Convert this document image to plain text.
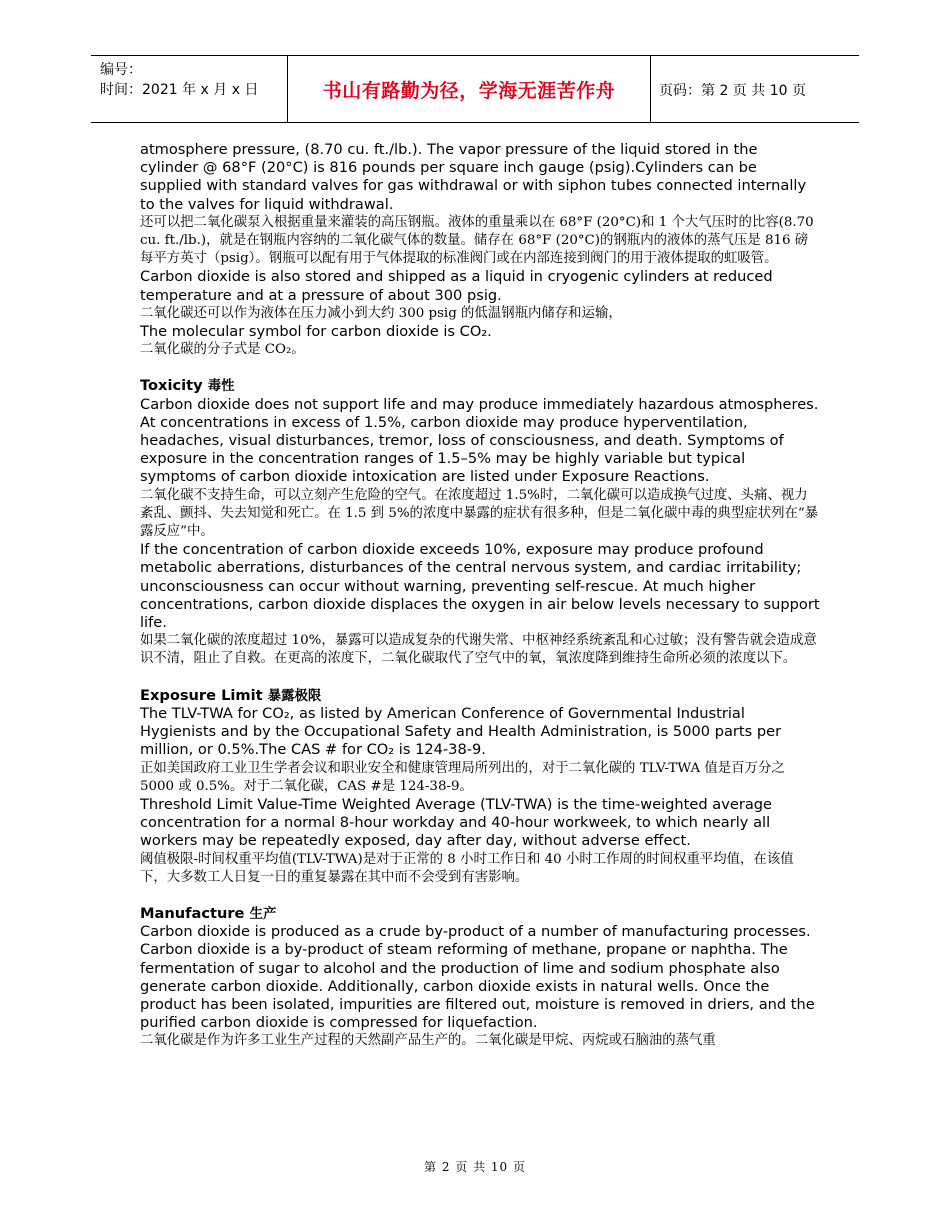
编号：
时间：2021 年 x 月 x 日	书山有路勤为径，学海无涯苦作舟	页码：第 2 页 共 10 页

atmosphere pressure, (8.70 cu. ft./lb.). The vapor pressure of the liquid stored in the cylinder @ 68°F (20°C) is 816 pounds per square inch gauge (psig).Cylinders can be supplied with standard valves for gas withdrawal or with siphon tubes connected internally to the valves for liquid withdrawal.

还可以把二氧化碳泵入根据重量来灌装的高压钢瓶。液体的重量乘以在 68°F (20°C)和 1 个大气压时的比容(8.70 cu. ft./lb.)，就是在钢瓶内容纳的二氧化碳气体的数量。储存在 68°F (20°C)的钢瓶内的液体的蒸气压是 816 磅每平方英寸（psig）。钢瓶可以配有用于气体提取的标准阀门或在内部连接到阀门的用于液体提取的虹吸管。

Carbon dioxide is also stored and shipped as a liquid in cryogenic cylinders at reduced temperature and at a pressure of about 300 psig.

二氧化碳还可以作为液体在压力减小到大约 300 psig 的低温钢瓶内储存和运输，

The molecular symbol for carbon dioxide is CO₂.

二氧化碳的分子式是 CO₂。

Toxicity 毒性

Carbon dioxide does not support life and may produce immediately hazardous atmospheres. At concentrations in excess of 1.5%, carbon dioxide may produce hyperventilation, headaches, visual disturbances, tremor, loss of consciousness, and death. Symptoms of exposure in the concentration ranges of 1.5–5% may be highly variable but typical symptoms of carbon dioxide intoxication are listed under Exposure Reactions.

二氧化碳不支持生命，可以立刻产生危险的空气。在浓度超过 1.5%时，二氧化碳可以造成换气过度、头痛、视力紊乱、颤抖、失去知觉和死亡。在 1.5 到 5%的浓度中暴露的症状有很多种，但是二氧化碳中毒的典型症状列在“暴露反应”中。

If the concentration of carbon dioxide exceeds 10%, exposure may produce profound metabolic aberrations, disturbances of the central nervous system, and cardiac irritability; unconsciousness can occur without warning, preventing self-rescue. At much higher concentrations, carbon dioxide displaces the oxygen in air below levels necessary to support life.

如果二氧化碳的浓度超过 10%，暴露可以造成复杂的代谢失常、中枢神经系统紊乱和心过敏；没有警告就会造成意识不清，阻止了自救。在更高的浓度下，二氧化碳取代了空气中的氧，氧浓度降到维持生命所必须的浓度以下。

Exposure Limit 暴露极限

The TLV-TWA for CO₂, as listed by American Conference of Governmental Industrial Hygienists and by the Occupational Safety and Health Administration, is 5000 parts per million, or 0.5%.The CAS # for CO₂ is 124-38-9.

正如美国政府工业卫生学者会议和职业安全和健康管理局所列出的，对于二氧化碳的 TLV-TWA 值是百万分之 5000 或 0.5%。对于二氧化碳，CAS #是 124-38-9。

Threshold Limit Value-Time Weighted Average (TLV-TWA) is the time-weighted average concentration for a normal 8-hour workday and 40-hour workweek, to which nearly all workers may be repeatedly exposed, day after day, without adverse effect.

阈值极限-时间权重平均值(TLV-TWA)是对于正常的 8 小时工作日和 40 小时工作周的时间权重平均值，在该值下，大多数工人日复一日的重复暴露在其中而不会受到有害影响。

Manufacture 生产

Carbon dioxide is produced as a crude by-product of a number of manufacturing processes. Carbon dioxide is a by-product of steam reforming of methane, propane or naphtha. The fermentation of sugar to alcohol and the production of lime and sodium phosphate also generate carbon dioxide. Additionally, carbon dioxide exists in natural wells. Once the product has been isolated, impurities are filtered out, moisture is removed in driers, and the purified carbon dioxide is compressed for liquefaction.

二氧化碳是作为许多工业生产过程的天然副产品生产的。二氧化碳是甲烷、丙烷或石脑油的蒸气重

第 2 页 共 10 页
